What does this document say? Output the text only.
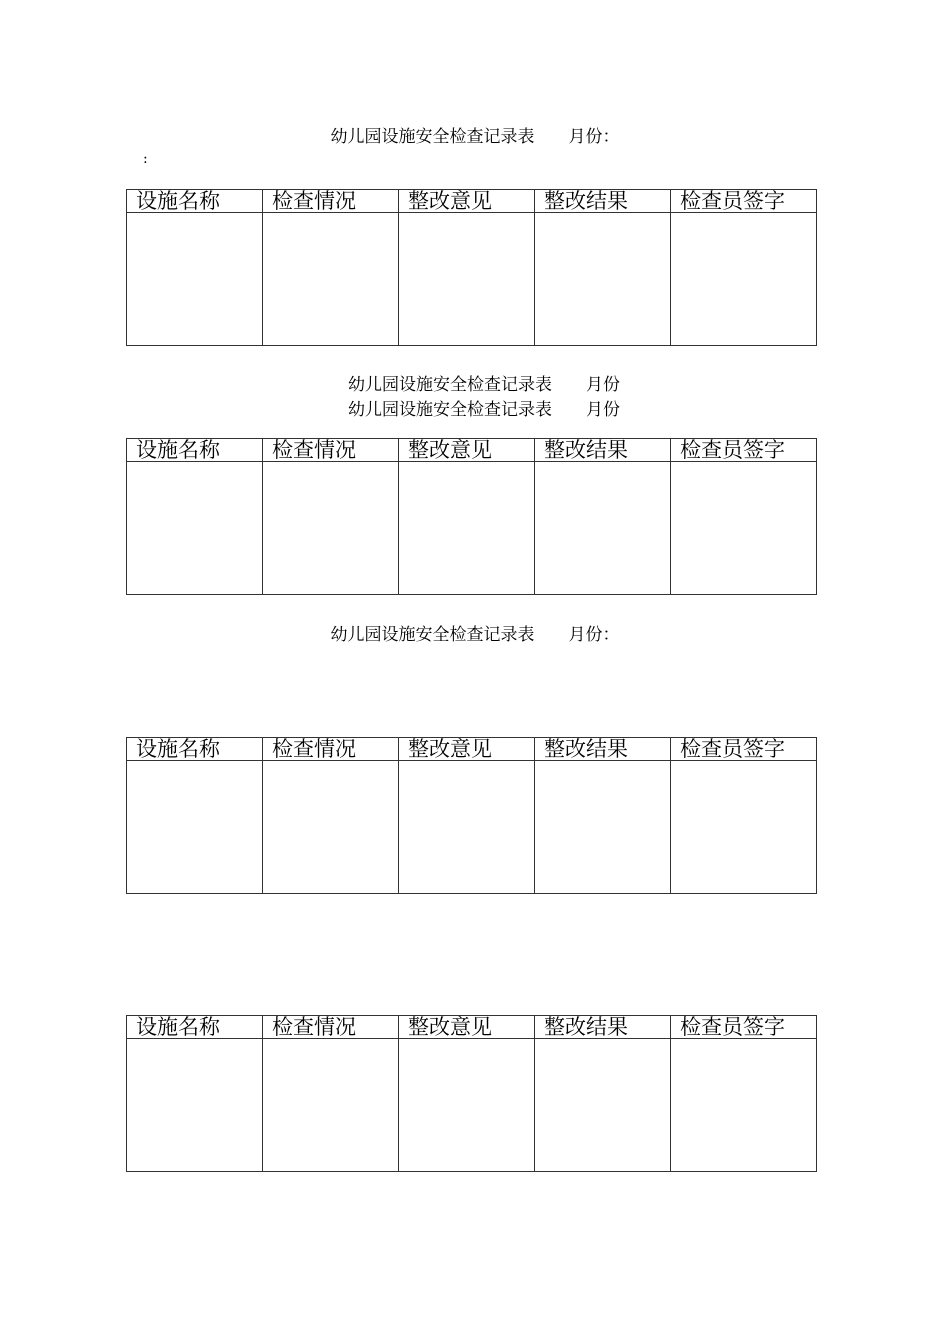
幼儿园设施安全检查记录表　　月份：
:
设施名称	检查情况	整改意见	整改结果	检查员签字

幼儿园设施安全检查记录表　　月份
幼儿园设施安全检查记录表　　月份
设施名称	检查情况	整改意见	整改结果	检查员签字

幼儿园设施安全检查记录表　　月份：
设施名称	检查情况	整改意见	整改结果	检查员签字

设施名称	检查情况	整改意见	整改结果	检查员签字
